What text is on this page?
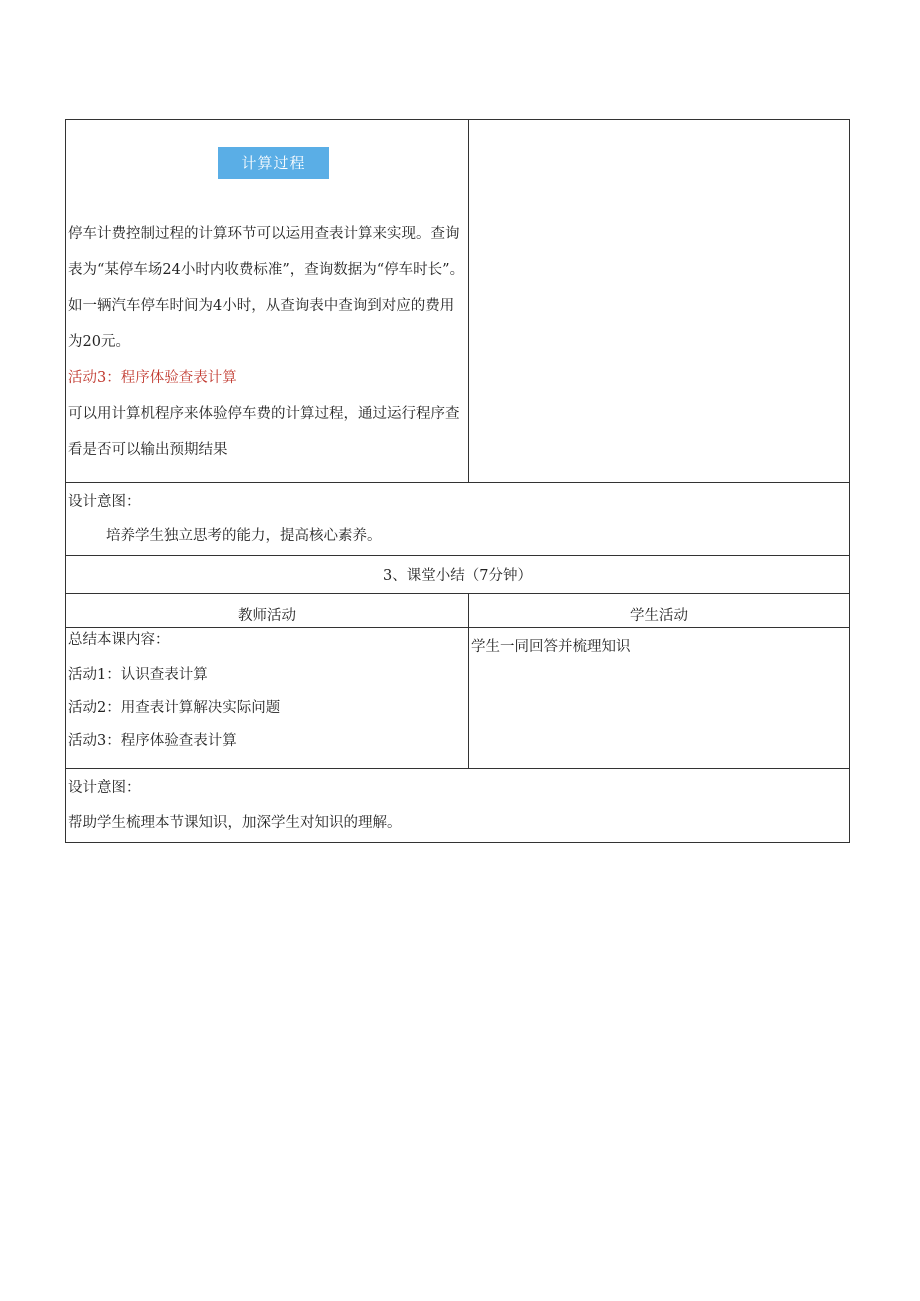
计算过程
停车计费控制过程的计算环节可以运用查表计算来实现。查询表为“某停车场24小时内收费标准”，查询数据为“停车时长”。如一辆汽车停车时间为4小时，从查询表中查询到对应的费用为20元。
活动3：程序体验查表计算
可以用计算机程序来体验停车费的计算过程，通过运行程序查看是否可以输出预期结果	

设计意图：
培养学生独立思考的能力，提高核心素养。	

3、课堂小结（7分钟）	
教师活动	学生活动

总结本课内容：
活动1：认识查表计算
活动2：用查表计算解决实际问题
活动3：程序体验查表计算	学生一同回答并梳理知识

设计意图：
帮助学生梳理本节课知识，加深学生对知识的理解。	
